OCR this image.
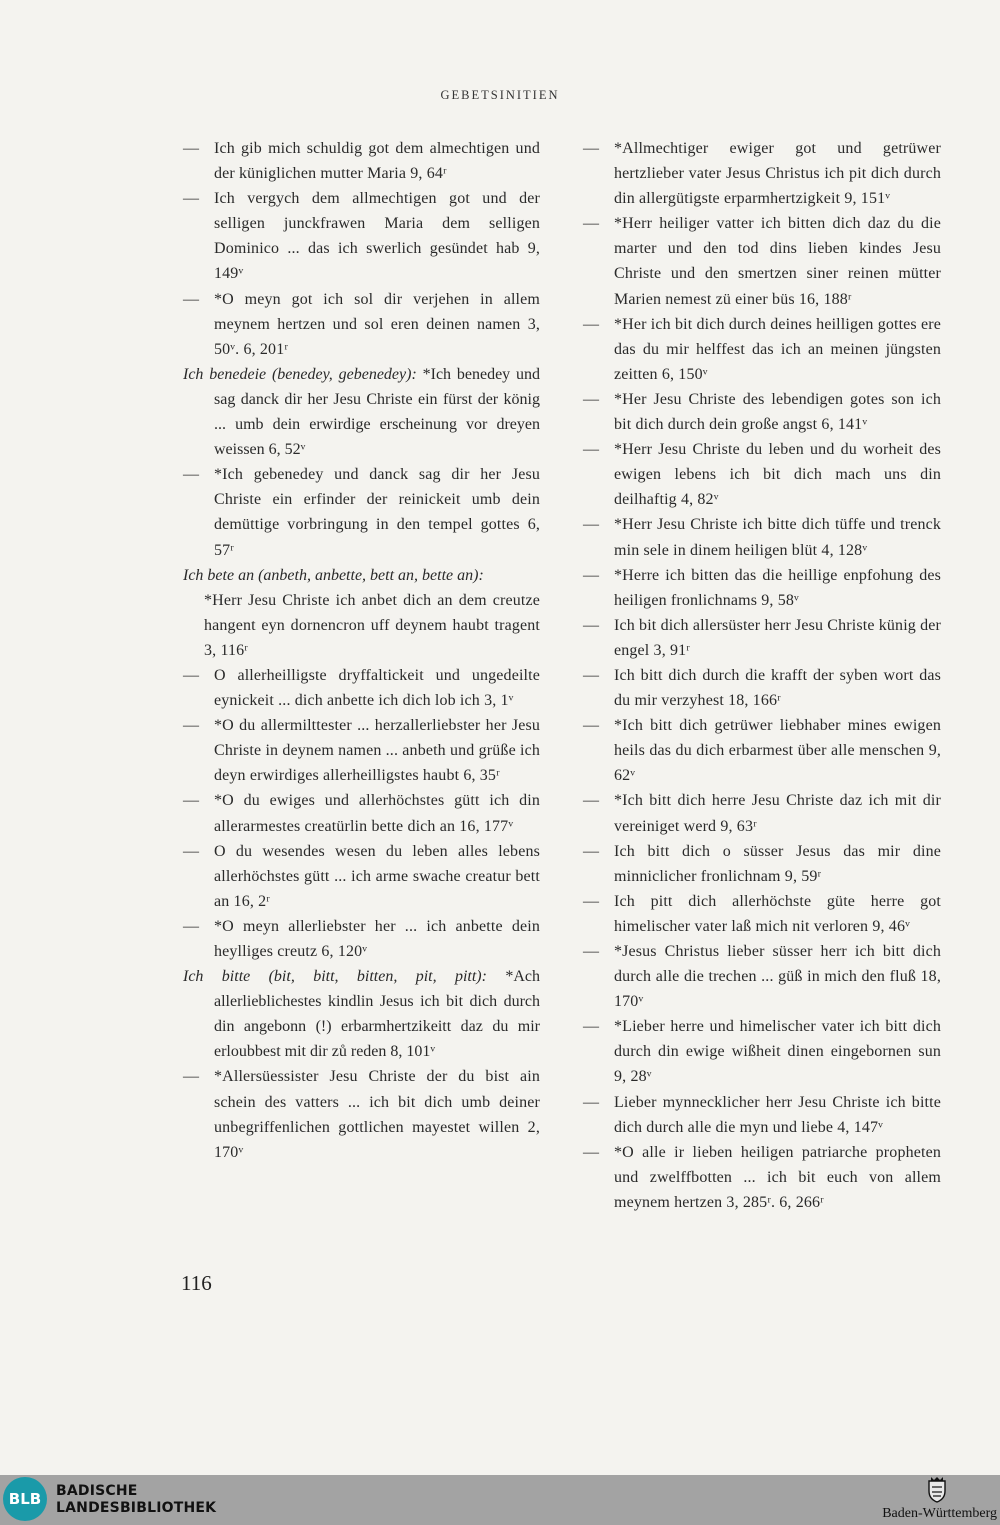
GEBETSINITIEN
— Ich gib mich schuldig got dem almechtigen und der küniglichen mutter Maria 9, 64ʳ
— Ich vergych dem allmechtigen got und der selligen junckfrawen Maria dem selligen Dominico ... das ich swerlich gesündet hab 9, 149ᵛ
— *O meyn got ich sol dir verjehen in allem meynem hertzen und sol eren deinen namen 3, 50ᵛ. 6, 201ʳ
Ich benedeie (benedey, gebenedey): *Ich benedey und sag danck dir her Jesu Christe ein fürst der könig ... umb dein erwirdige erscheinung vor dreyen weissen 6, 52ᵛ
— *Ich gebenedey und danck sag dir her Jesu Christe ein erfinder der reinickeit umb dein demüttige vorbringung in den tempel gottes 6, 57ʳ
Ich bete an (anbeth, anbette, bett an, bette an):
*Herr Jesu Christe ich anbet dich an dem creutze hangent eyn dornencron uff deynem haubt tragent 3, 116ʳ
— O allerheilligste dryffaltickeit und ungedeilte eynickeit ... dich anbette ich dich lob ich 3, 1ᵛ
— *O du allermilttester ... herzallerliebster her Jesu Christe in deynem namen ... anbeth und grüße ich deyn erwirdiges allerheilligstes haubt 6, 35ʳ
— *O du ewiges und allerhöchstes gütt ich din allerarmestes creatürlin bette dich an 16, 177ᵛ
— O du wesendes wesen du leben alles lebens allerhöchstes gütt ... ich arme swache creatur bett an 16, 2ʳ
— *O meyn allerliebster her ... ich anbette dein heylliges creutz 6, 120ᵛ
Ich bitte (bit, bitt, bitten, pit, pitt): *Ach allerlieblichestes kindlin Jesus ich bit dich durch din angebonn (!) erbarmhertzikeitt daz du mir erloubbest mit dir zů reden 8, 101ᵛ
— *Allersüessister Jesu Christe der du bist ain schein des vatters ... ich bit dich umb deiner unbegriffenlichen gottlichen mayestet willen 2, 170ᵛ
— *Allmechtiger ewiger got und getrüwer hertzlieber vater Jesus Christus ich pit dich durch din allergütigste erparmhertzigkeit 9, 151ᵛ
— *Herr heiliger vatter ich bitten dich daz du die marter und den tod dins lieben kindes Jesu Christe und den smertzen siner reinen mütter Marien nemest zü einer büs 16, 188ʳ
— *Her ich bit dich durch deines heilligen gottes ere das du mir helffest das ich an meinen jüngsten zeitten 6, 150ᵛ
— *Her Jesu Christe des lebendigen gotes son ich bit dich durch dein große angst 6, 141ᵛ
— *Herr Jesu Christe du leben und du worheit des ewigen lebens ich bit dich mach uns din deilhaftig 4, 82ᵛ
— *Herr Jesu Christe ich bitte dich tüffe und trenck min sele in dinem heiligen blüt 4, 128ᵛ
— *Herre ich bitten das die heillige enpfohung des heiligen fronlichnams 9, 58ᵛ
— Ich bit dich allersüster herr Jesu Christe künig der engel 3, 91ʳ
— Ich bitt dich durch die krafft der syben wort das du mir verzyhest 18, 166ʳ
— *Ich bitt dich getrüwer liebhaber mines ewigen heils das du dich erbarmest über alle menschen 9, 62ᵛ
— *Ich bitt dich herre Jesu Christe daz ich mit dir vereiniget werd 9, 63ʳ
— Ich bitt dich o süsser Jesus das mir dine minniclicher fronlichnam 9, 59ʳ
— Ich pitt dich allerhöchste güte herre got himelischer vater laß mich nit verloren 9, 46ᵛ
— *Jesus Christus lieber süsser herr ich bitt dich durch alle die trechen ... güß in mich den fluß 18, 170ᵛ
— *Lieber herre und himelischer vater ich bitt dich durch din ewige wißheit dinen eingebornen sun 9, 28ᵛ
— Lieber mynnecklicher herr Jesu Christe ich bitte dich durch alle die myn und liebe 4, 147ᵛ
— *O alle ir lieben heiligen patriarche propheten und zwelffbotten ... ich bit euch von allem meynem hertzen 3, 285ʳ. 6, 266ʳ
116
BLB	BADISCHE
LANDESBIBLIOTHEK	Baden-Württemberg
